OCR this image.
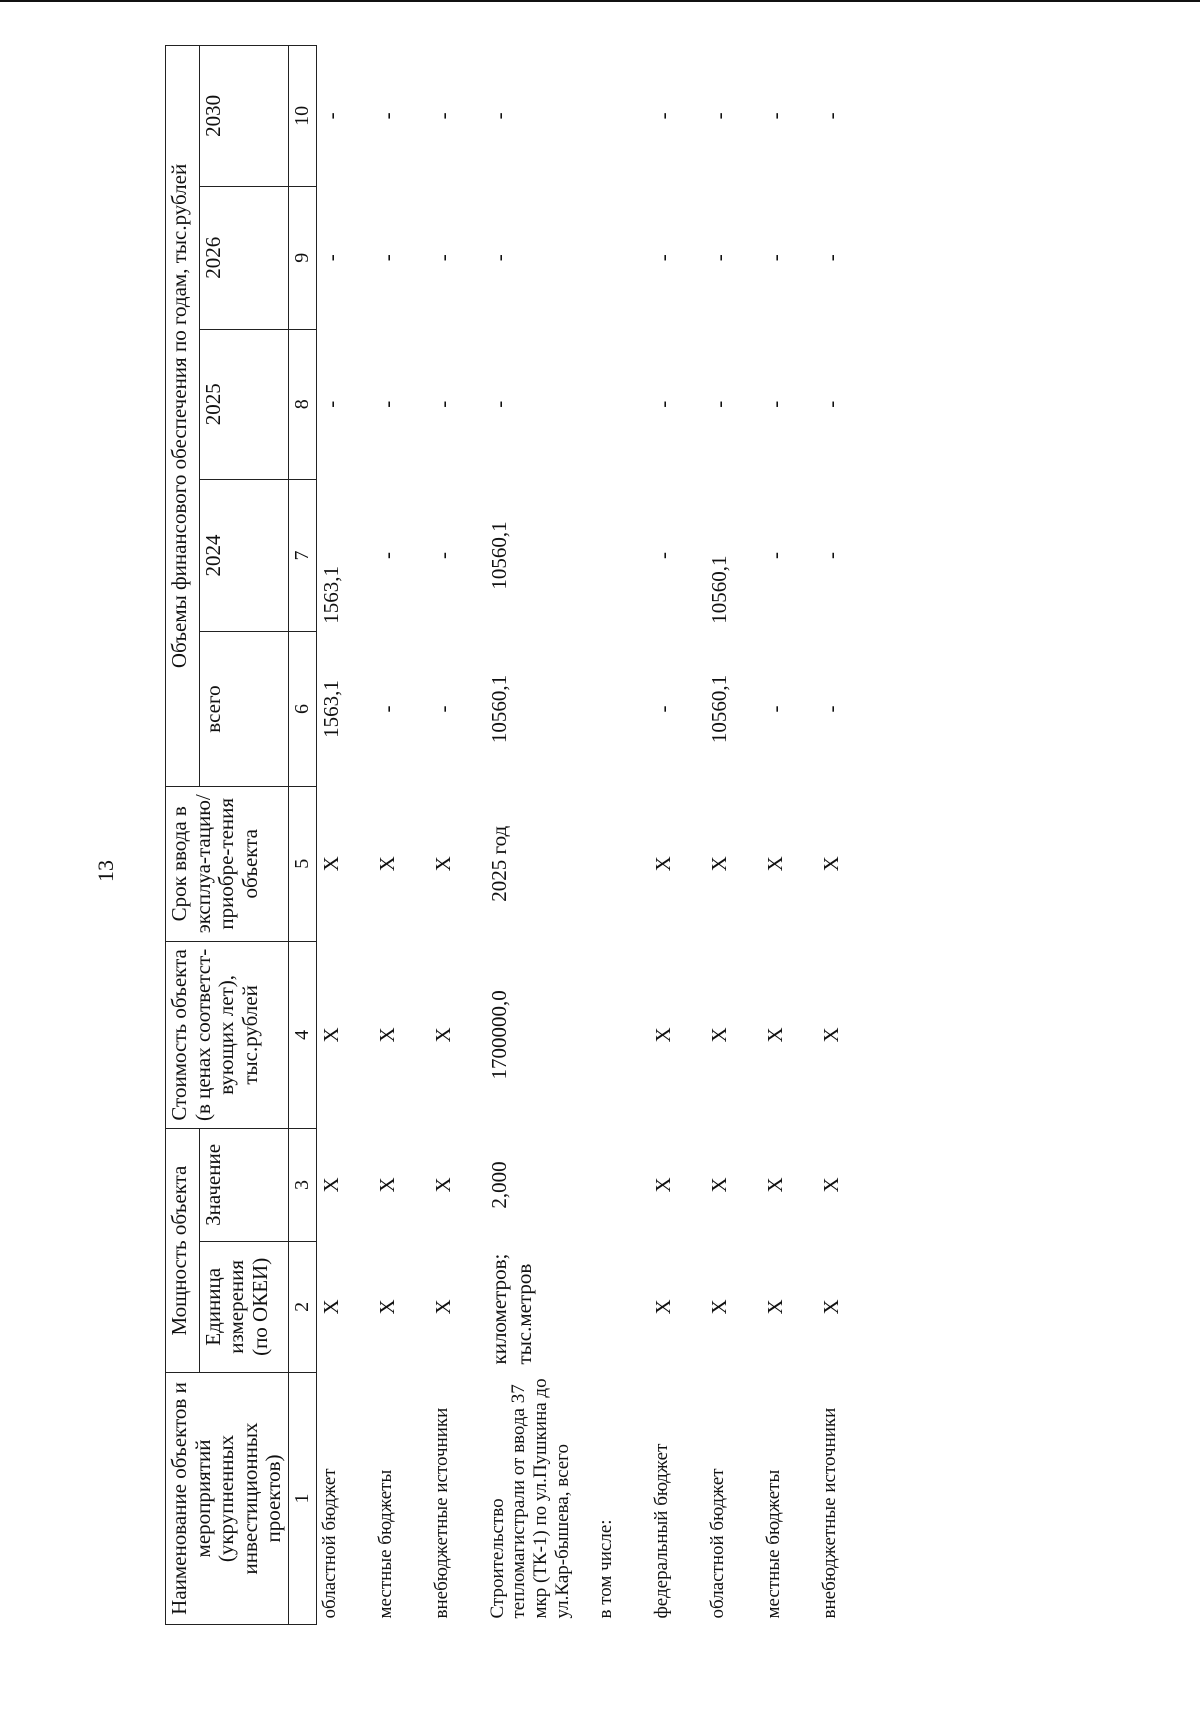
13
Наименование объектов и мероприятий (укрупненных инвестиционных проектов)	Мощность объекта		Стоимость объекта (в ценах соответст-вующих лет), тыс.рублей	Срок ввода в эксплуа-тацию/ приобре-тения объекта	Объемы финансового обеспечения по годам, тыс.рублей				
	Единица измерения (по ОКЕИ)	Значение			всего	2024	2025	2026	2030
1	2	3	4	5	6	7	8	9	10
областной бюджет	X	X	X	X	1563,1	1563,1	-	-	-
местные бюджеты	X	X	X	X	-	-	-	-	-
внебюджетные источники	X	X	X	X	-	-	-	-	-
Строительство тепломагистрали от ввода 37 мкр (ТК-1) по ул.Пушкина до ул.Кар-бышева, всего	километров; тыс.метров	2,000	1700000,0	2025 год	10560,1	10560,1	-	-	-
в том числе:									
федеральный бюджет	X	X	X	X	-	-	-	-	-
областной бюджет	X	X	X	X	10560,1	10560,1	-	-	-
местные бюджеты	X	X	X	X	-	-	-	-	-
внебюджетные источники	X	X	X	X	-	-	-	-	-
